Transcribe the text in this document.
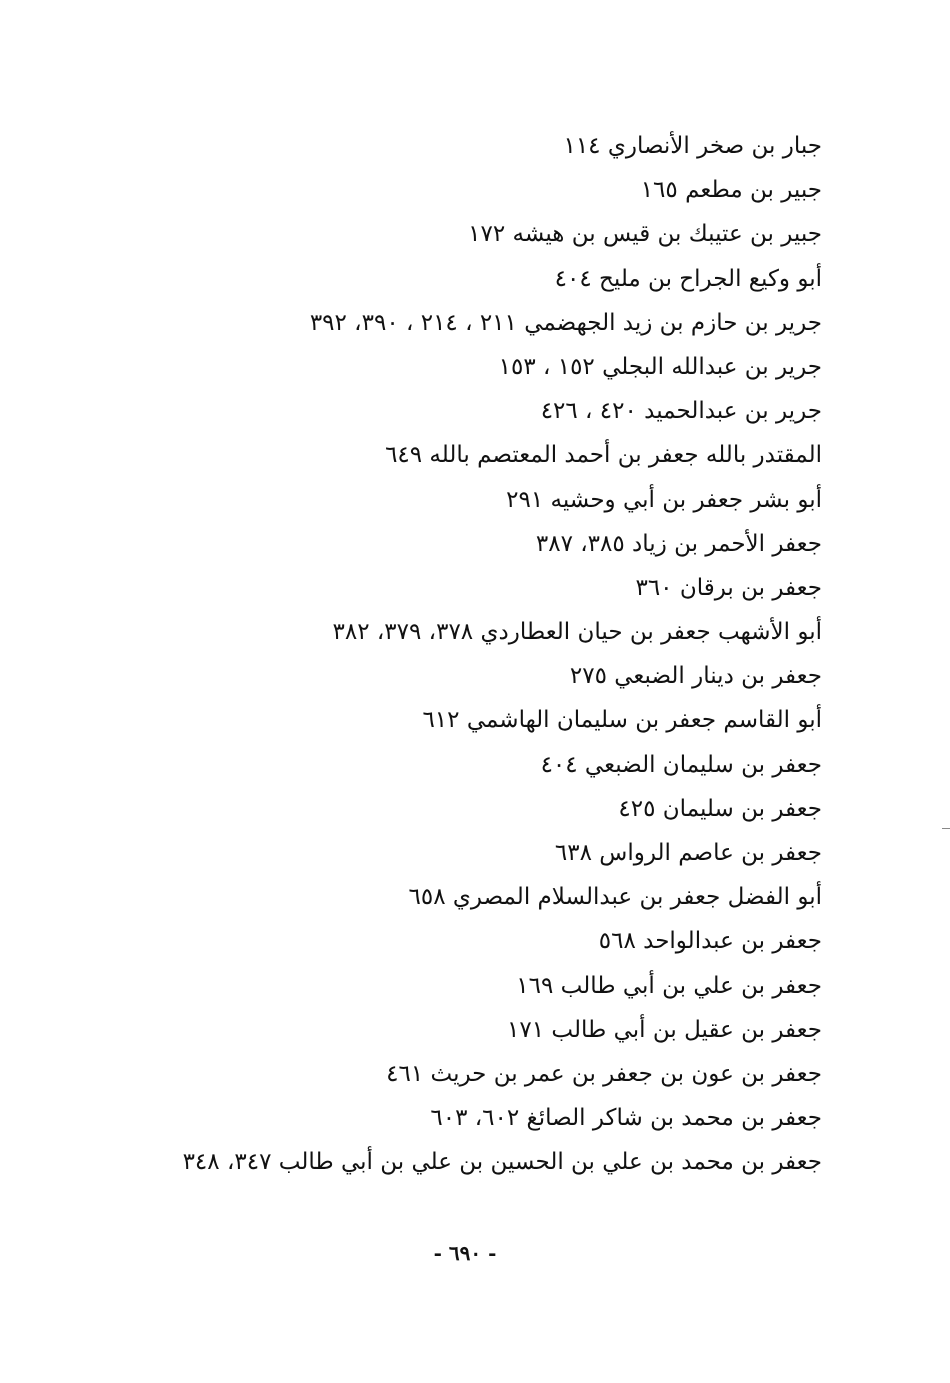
جبار بن صخر الأنصاري ١١٤
جبير بن مطعم ١٦٥
جبير بن عتيبك بن قيس بن هيشه ١٧٢
أبو وكيع الجراح بن مليح ٤٠٤
جرير بن حازم بن زيد الجهضمي ٢١١ ، ٢١٤ ، ٣٩٠، ٣٩٢
جرير بن عبدالله البجلي ١٥٢ ، ١٥٣
جرير بن عبدالحميد ٤٢٠ ، ٤٢٦
المقتدر بالله جعفر بن أحمد المعتصم بالله ٦٤٩
أبو بشر جعفر بن أبي وحشيه ٢٩١
جعفر الأحمر بن زياد ٣٨٥، ٣٨٧
جعفر بن برقان ٣٦٠
أبو الأشهب جعفر بن حيان العطاردي ٣٧٨، ٣٧٩، ٣٨٢
جعفر بن دينار الضبعي ٢٧٥
أبو القاسم جعفر بن سليمان الهاشمي ٦١٢
جعفر بن سليمان الضبعي ٤٠٤
جعفر بن سليمان ٤٢٥
جعفر بن عاصم الرواس ٦٣٨
أبو الفضل جعفر بن عبدالسلام المصري ٦٥٨
جعفر بن عبدالواحد ٥٦٨
جعفر بن علي بن أبي طالب ١٦٩
جعفر بن عقيل بن أبي طالب ١٧١
جعفر بن عون بن جعفر بن عمر بن حريث ٤٦١
جعفر بن محمد بن شاكر الصائغ ٦٠٢، ٦٠٣
جعفر بن محمد بن علي بن الحسين بن علي بن أبي طالب ٣٤٧، ٣٤٨
- ٦٩٠ -
